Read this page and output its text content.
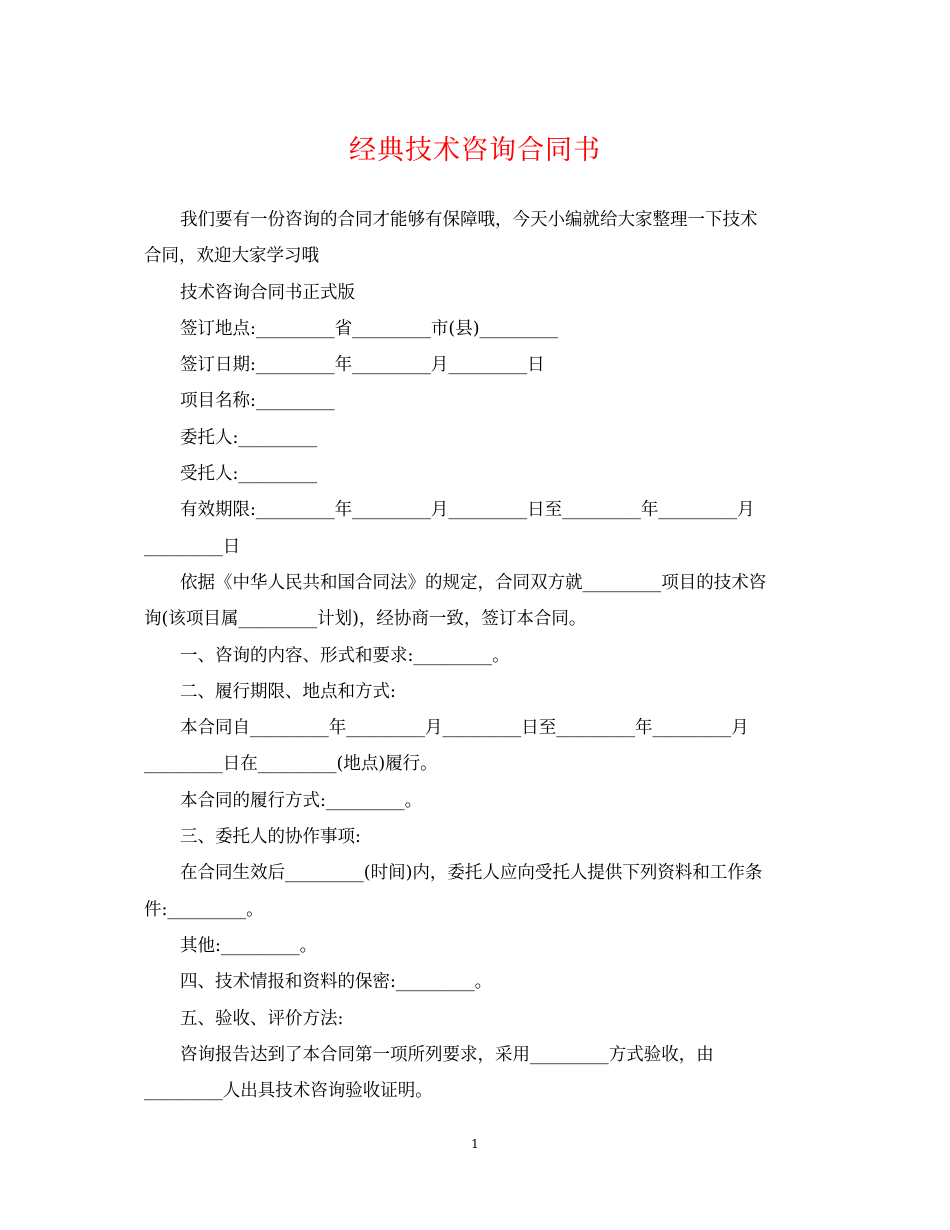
经典技术咨询合同书

我们要有一份咨询的合同才能够有保障哦，今天小编就给大家整理一下技术

合同，欢迎大家学习哦

技术咨询合同书正式版

签订地点:_________省_________市(县)_________

签订日期:_________年_________月_________日

项目名称:_________

委托人:_________

受托人:_________

有效期限:_________年_________月_________日至_________年_________月

_________日

依据《中华人民共和国合同法》的规定，合同双方就_________项目的技术咨

询(该项目属_________计划)，经协商一致，签订本合同。

一、咨询的内容、形式和要求:_________。

二、履行期限、地点和方式:

本合同自_________年_________月_________日至_________年_________月

_________日在_________(地点)履行。

本合同的履行方式:_________。

三、委托人的协作事项:

在合同生效后_________(时间)内，委托人应向受托人提供下列资料和工作条

件:_________。

其他:_________。

四、技术情报和资料的保密:_________。

五、验收、评价方法:

咨询报告达到了本合同第一项所列要求，采用_________方式验收，由

_________人出具技术咨询验收证明。

1
